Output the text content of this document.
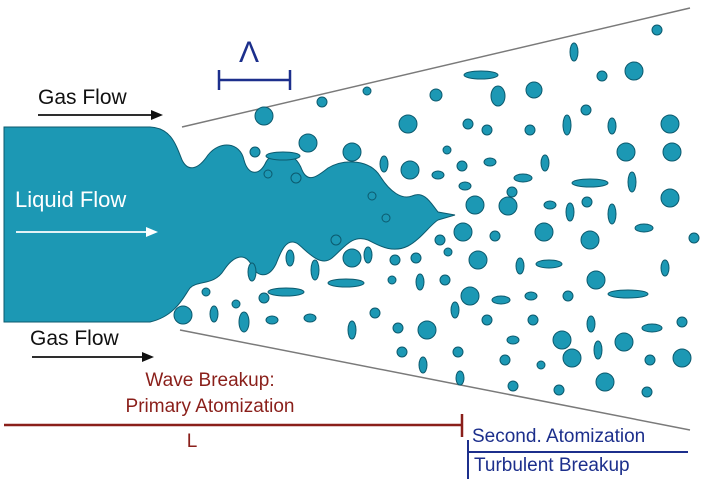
Gas Flow
Liquid Flow
Gas Flow
Λ
Wave Breakup:
Primary Atomization
L	Second. Atomization
Turbulent Breakup
